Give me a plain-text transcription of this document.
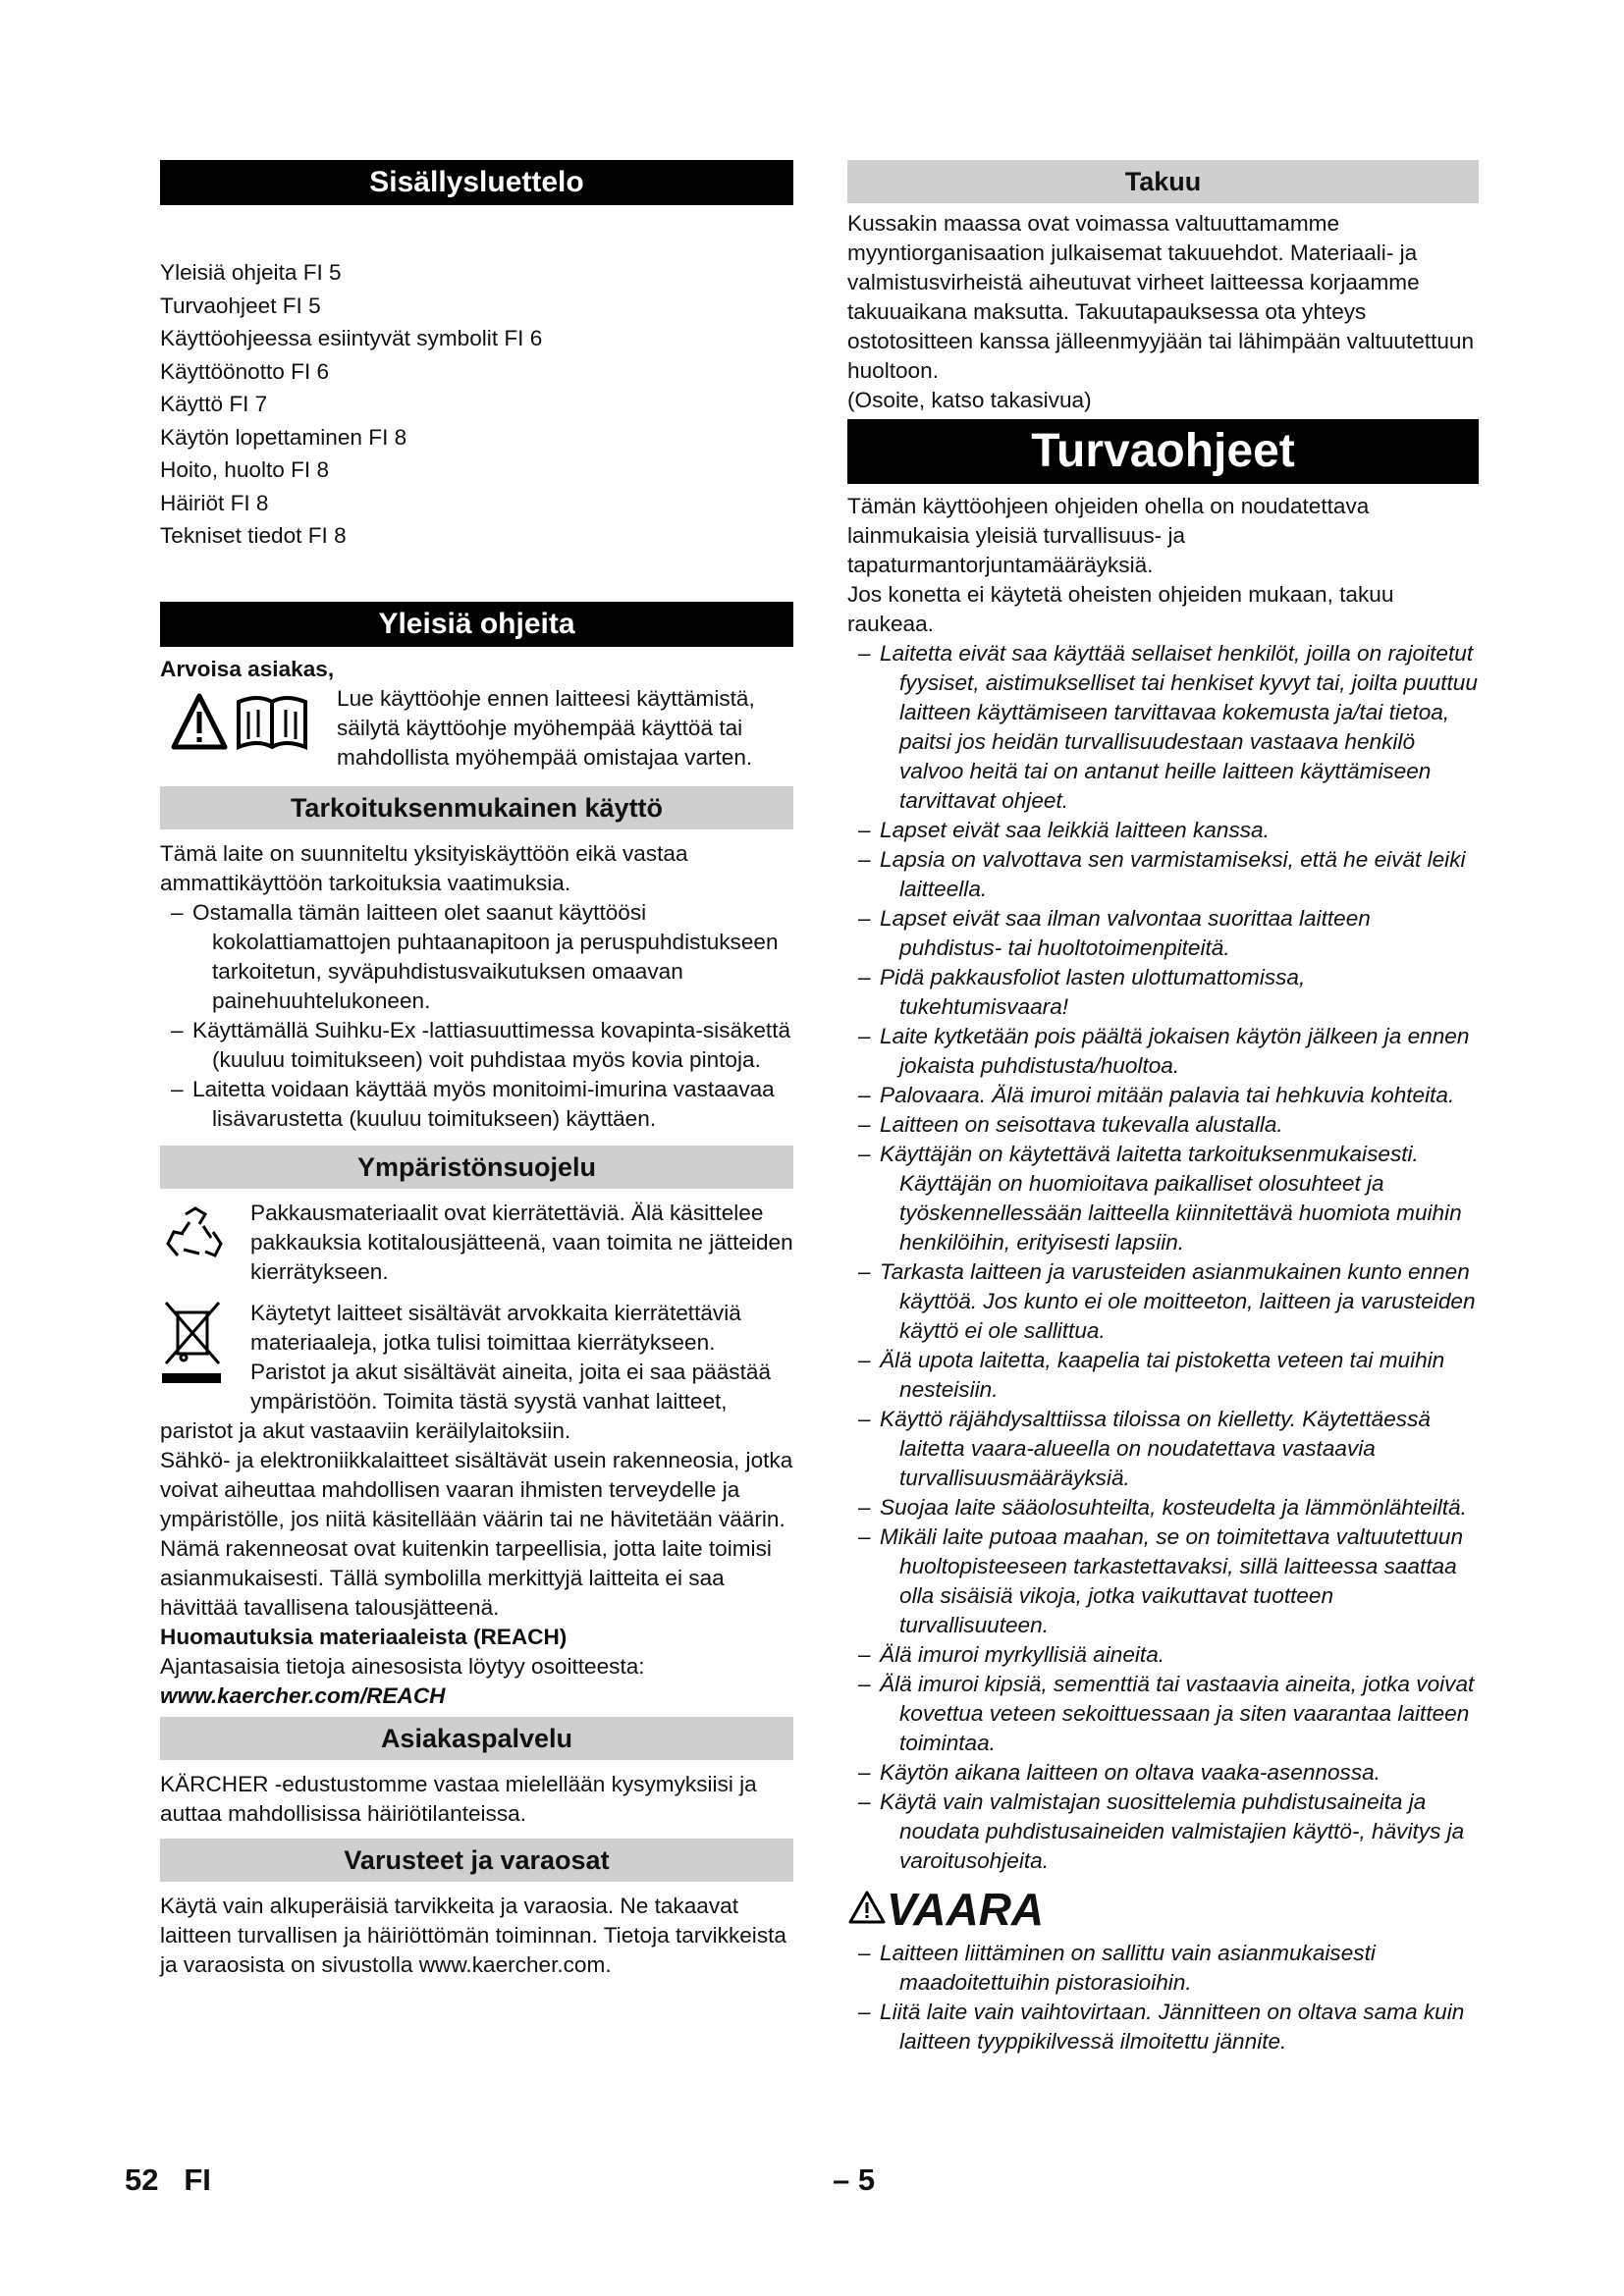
Sisällysluettelo

Yleisiä ohjeita FI 5

Turvaohjeet FI 5

Käyttöohjeessa esiintyvät symbolit FI 6

Käyttöönotto FI 6

Käyttö FI 7

Käytön lopettaminen FI 8

Hoito, huolto FI 8

Häiriöt FI 8

Tekniset tiedot FI 8

Yleisiä ohjeita

Arvoisa asiakas,

Lue käyttöohje ennen laitteesi käyttämistä, säilytä käyttöohje myöhempää käyttöä tai mahdollista myöhempää omistajaa varten.

Tarkoituksenmukainen käyttö

Tämä laite on suunniteltu yksityiskäyttöön eikä vastaa ammattikäyttöön tarkoituksia vaatimuksia.

– Ostamalla tämän laitteen olet saanut käyttöösi kokolattiamattojen puhtaanapitoon ja peruspuhdistukseen tarkoitetun, syväpuhdistusvaikutuksen omaavan painehuuhtelukoneen.
– Käyttämällä Suihku-Ex -lattiasuuttimessa kovapinta-sisäkettä (kuuluu toimitukseen) voit puhdistaa myös kovia pintoja.
– Laitetta voidaan käyttää myös monitoimi-imurina vastaavaa lisävarustetta (kuuluu toimitukseen) käyttäen.
Ympäristönsuojelu

Pakkausmateriaalit ovat kierrätettäviä. Älä käsittelee pakkauksia kotitalousjätteenä, vaan toimita ne jätteiden kierrätykseen.

Käytetyt laitteet sisältävät arvokkaita kierrätettäviä materiaaleja, jotka tulisi toimittaa kierrätykseen. Paristot ja akut sisältävät aineita, joita ei saa päästää ympäristöön. Toimita tästä syystä vanhat laitteet, paristot ja akut vastaaviin keräilylaitoksiin.

Sähkö- ja elektroniikkalaitteet sisältävät usein rakenneosia, jotka voivat aiheuttaa mahdollisen vaaran ihmisten terveydelle ja ympäristölle, jos niitä käsitellään väärin tai ne hävitetään väärin. Nämä rakenneosat ovat kuitenkin tarpeellisia, jotta laite toimisi asianmukaisesti. Tällä symbolilla merkittyjä laitteita ei saa hävittää tavallisena talousjätteenä.

Huomautuksia materiaaleista (REACH)

Ajantasaisia tietoja ainesosista löytyy osoitteesta:

www.kaercher.com/REACH

Asiakaspalvelu

KÄRCHER -edustustomme vastaa mielellään kysymyksiisi ja auttaa mahdollisissa häiriötilanteissa.

Varusteet ja varaosat

Käytä vain alkuperäisiä tarvikkeita ja varaosia. Ne takaavat laitteen turvallisen ja häiriöttömän toiminnan. Tietoja tarvikkeista ja varaosista on sivustolla www.kaercher.com.

Takuu

Kussakin maassa ovat voimassa valtuuttamamme myyntiorganisaation julkaisemat takuuehdot. Materiaali- ja valmistusvirheistä aiheutuvat virheet laitteessa korjaamme takuuaikana maksutta. Takuutapauksessa ota yhteys ostotositteen kanssa jälleenmyyjään tai lähimpään valtuutettuun huoltoon.

(Osoite, katso takasivua)

Turvaohjeet

Tämän käyttöohjeen ohjeiden ohella on noudatettava lainmukaisia yleisiä turvallisuus- ja tapaturmantorjuntamääräyksiä.

Jos konetta ei käytetä oheisten ohjeiden mukaan, takuu raukeaa.

– Laitetta eivät saa käyttää sellaiset henkilöt, joilla on rajoitetut fyysiset, aistimukselliset tai henkiset kyvyt tai, joilta puuttuu laitteen käyttämiseen tarvittavaa kokemusta ja/tai tietoa, paitsi jos heidän turvallisuudestaan vastaava henkilö valvoo heitä tai on antanut heille laitteen käyttämiseen tarvittavat ohjeet.
– Lapset eivät saa leikkiä laitteen kanssa.
– Lapsia on valvottava sen varmistamiseksi, että he eivät leiki laitteella.
– Lapset eivät saa ilman valvontaa suorittaa laitteen puhdistus- tai huoltotoimenpiteitä.
– Pidä pakkausfoliot lasten ulottumattomissa, tukehtumisvaara!
– Laite kytketään pois päältä jokaisen käytön jälkeen ja ennen jokaista puhdistusta/huoltoa.
– Palovaara. Älä imuroi mitään palavia tai hehkuvia kohteita.
– Laitteen on seisottava tukevalla alustalla.
– Käyttäjän on käytettävä laitetta tarkoituksenmukaisesti. Käyttäjän on huomioitava paikalliset olosuhteet ja työskennellessään laitteella kiinnitettävä huomiota muihin henkilöihin, erityisesti lapsiin.
– Tarkasta laitteen ja varusteiden asianmukainen kunto ennen käyttöä. Jos kunto ei ole moitteeton, laitteen ja varusteiden käyttö ei ole sallittua.
– Älä upota laitetta, kaapelia tai pistoketta veteen tai muihin nesteisiin.
– Käyttö räjähdysalttiissa tiloissa on kielletty. Käytettäessä laitetta vaara-alueella on noudatettava vastaavia turvallisuusmääräyksiä.
– Suojaa laite sääolosuhteilta, kosteudelta ja lämmönlähteiltä.
– Mikäli laite putoaa maahan, se on toimitettava valtuutettuun huoltopisteeseen tarkastettavaksi, sillä laitteessa saattaa olla sisäisiä vikoja, jotka vaikuttavat tuotteen turvallisuuteen.
– Älä imuroi myrkyllisiä aineita.
– Älä imuroi kipsiä, sementtiä tai vastaavia aineita, jotka voivat kovettua veteen sekoittuessaan ja siten vaarantaa laitteen toimintaa.
– Käytön aikana laitteen on oltava vaaka-asennossa.
– Käytä vain valmistajan suosittelemia puhdistusaineita ja noudata puhdistusaineiden valmistajien käyttö-, hävitys ja varoitusohjeita.
VAARA
– Laitteen liittäminen on sallittu vain asianmukaisesti maadoitettuihin pistorasioihin.
– Liitä laite vain vaihtovirtaan. Jännitteen on oltava sama kuin laitteen tyyppikilvessä ilmoitettu jännite.
52 FI	– 5
